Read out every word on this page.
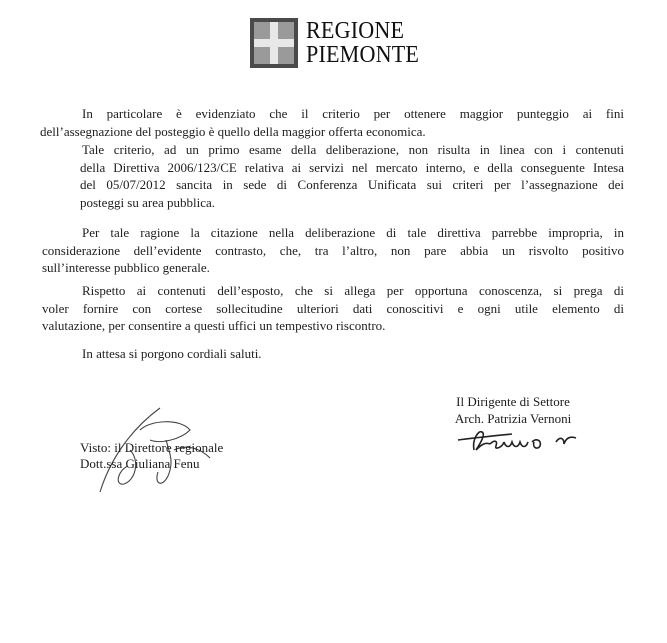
REGIONE
PIEMONTE
In particolare è evidenziato che il criterio per ottenere maggior punteggio ai fini
dell’assegnazione del posteggio è quello della maggior offerta economica.
Tale criterio, ad un primo esame della deliberazione, non risulta in linea con i contenuti
della Direttiva 2006/123/CE relativa ai servizi nel mercato interno, e della conseguente Intesa
del 05/07/2012 sancita in sede di Conferenza Unificata sui criteri per l’assegnazione dei
posteggi su area pubblica.
Per tale ragione la citazione nella deliberazione di tale direttiva parrebbe impropria, in
considerazione dell’evidente contrasto, che, tra l’altro, non pare abbia un risvolto positivo
sull’interesse pubblico generale.
Rispetto ai contenuti dell’esposto, che si allega per opportuna conoscenza, si prega di
voler fornire con cortese sollecitudine ulteriori dati conoscitivi e ogni utile elemento di
valutazione, per consentire a questi uffici un tempestivo riscontro.
In attesa si porgono cordiali saluti.
Il Dirigente di Settore
Arch. Patrizia Vernoni
Visto: il Direttore regionale
Dott.ssa Giuliana Fenu
